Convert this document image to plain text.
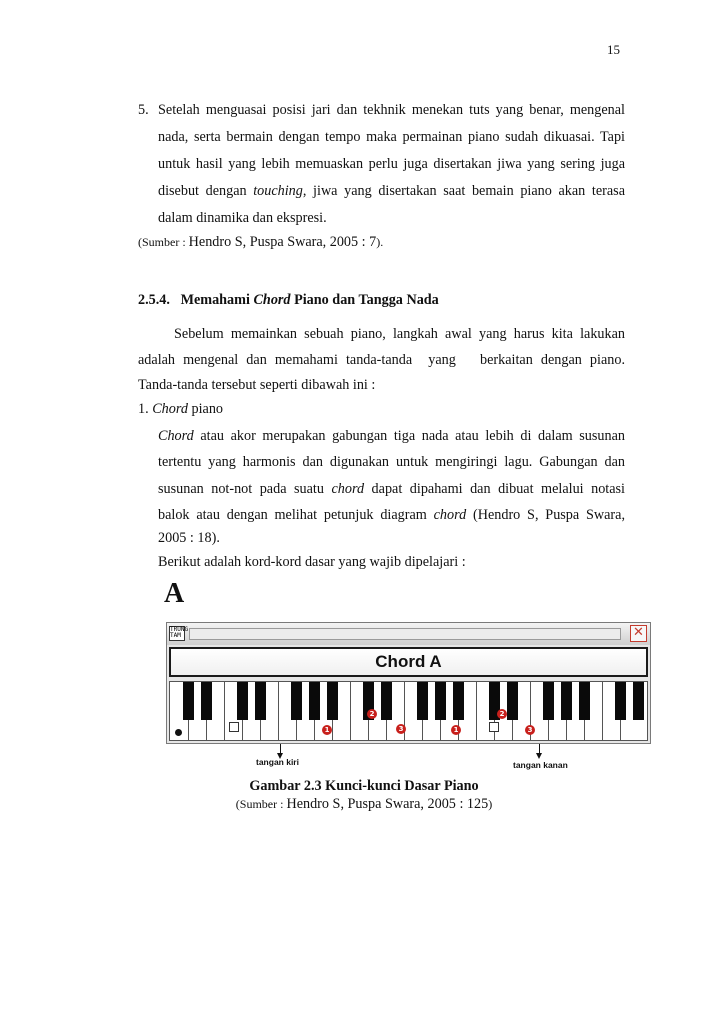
15
5. Setelah menguasai posisi jari dan tekhnik menekan tuts yang benar, mengenal
nada, serta bermain dengan tempo maka permainan piano sudah dikuasai. Tapi
untuk hasil yang lebih memuaskan perlu juga disertakan jiwa yang sering juga
disebut dengan touching, jiwa yang disertakan saat bemain piano akan terasa
dalam dinamika dan ekspresi.
(Sumber : Hendro S, Puspa Swara, 2005 : 7).
2.5.4. Memahami Chord Piano dan Tangga Nada
Sebelum memainkan sebuah piano, langkah awal yang harus kita lakukan
adalah mengenal dan memahami tanda-tanda  yang   berkaitan dengan piano.
Tanda-tanda tersebut seperti dibawah ini :
1. Chord piano
Chord atau akor merupakan gabungan tiga nada atau lebih di dalam susunan
tertentu yang harmonis dan digunakan untuk mengiringi lagu. Gabungan dan
susunan not-not pada suatu chord dapat dipahami dan dibuat melalui notasi
balok atau dengan melihat petunjuk diagram chord (Hendro S, Puspa Swara,
2005 : 18).
Berikut adalah kord-kord dasar yang wajib dipelajari :
A
TRUNG TAM	✕
Chord A
2
1	3	1
2
3
tangan kiri	tangan kanan
Gambar 2.3 Kunci-kunci Dasar Piano
(Sumber : Hendro S, Puspa Swara, 2005 : 125)
